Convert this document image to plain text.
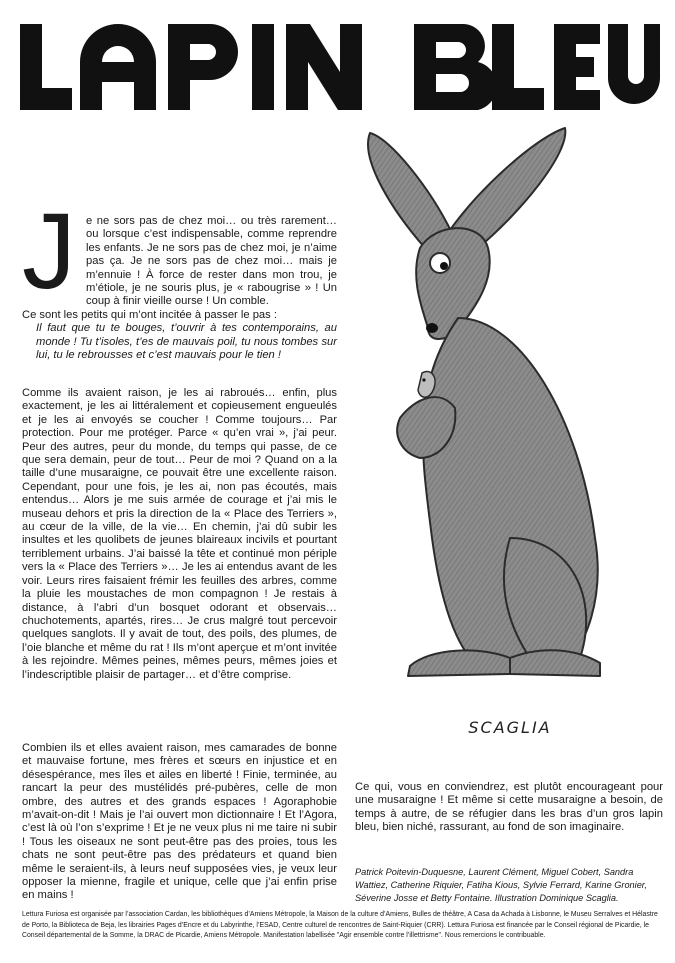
SCAGLIA

Je ne sors pas de chez moi… ou très rarement… ou lorsque c’est indispensable, comme reprendre les enfants. Je ne sors pas de chez moi, je n’aime pas ça. Je ne sors pas de chez moi… mais je m’ennuie ! À force de rester dans mon trou, je m’étiole, je ne souris plus, je « rabougrise » ! Un coup à finir vieille ourse ! Un comble.

Ce sont les petits qui m’ont incitée à passer le pas :

Il faut que tu te bouges, t’ouvrir à tes contemporains, au monde ! Tu t’isoles, t’es de mauvais poil, tu nous tombes sur lui, tu le rebrousses et c’est mauvais pour le tien !

Comme ils avaient raison, je les ai rabroués… enfin, plus exactement, je les ai littéralement et copieusement engueulés et je les ai envoyés se coucher ! Comme toujours… Par protection. Pour me protéger. Parce « qu’en vrai », j’ai peur. Peur des autres, peur du monde, du temps qui passe, de ce que sera demain, peur de tout… Peur de moi ? Quand on a la taille d’une musaraigne, ce pouvait être une excellente raison. Cependant, pour une fois, je les ai, non pas écoutés, mais entendus… Alors je me suis armée de courage et j’ai mis le museau dehors et pris la direction de la « Place des Terriers », au cœur de la ville, de la vie… En chemin, j’ai dû subir les insultes et les quolibets de jeunes blaireaux incivils et pourtant terriblement urbains. J’ai baissé la tête et continué mon périple vers la « Place des Terriers »… Je les ai entendus avant de les voir. Leurs rires faisaient frémir les feuilles des arbres, comme la pluie les moustaches de mon compagnon ! Je restais à distance, à l’abri d’un bosquet odorant et observais… chuchotements, apartés, rires… Je crus malgré tout percevoir quelques sanglots. Il y avait de tout, des poils, des plumes, de l’oie blanche et même du rat ! Ils m’ont aperçue et m’ont invitée à les rejoindre. Mêmes peines, mêmes peurs, mêmes joies et l’indescriptible plaisir de partager… et d’être comprise.

Combien ils et elles avaient raison, mes camarades de bonne et mauvaise fortune, mes frères et sœurs en injustice et en désespérance, mes îles et ailes en liberté ! Finie, terminée, au rancart la peur des mustélidés pré-pubères, celle de mon ombre, des autres et des grands espaces ! Agoraphobie m’avait-on-dit ! Mais je l’ai ouvert mon dictionnaire ! Et l’Agora, c’est là où l’on s’exprime ! Et je ne veux plus ni me taire ni subir ! Tous les oiseaux ne sont peut-être pas des proies, tous les chats ne sont peut-être pas des prédateurs et quand bien même le seraient-ils, à leurs neuf supposées vies, je veux leur opposer la mienne, fragile et unique, celle que j’ai enfin prise en mains !

Ce qui, vous en conviendrez, est plutôt encourageant pour une musaraigne ! Et même si cette musaraigne a besoin, de temps à autre, de se réfugier dans les bras d’un gros lapin bleu, bien niché, rassurant, au fond de son imaginaire.

Patrick Poitevin-Duquesne, Laurent Clément, Miguel Cobert, Sandra Wattiez, Catherine Riquier, Fatiha Kious, Sylvie Ferrard, Karine Gronier, Séverine Josse et Betty Fontaine. Illustration Dominique Scaglia.
Lettura Furiosa est organisée par l’association Cardan, les bibliothèques d’Amiens Métropole, la Maison de la culture d’Amiens, Bulles de théâtre, A Casa da Achada à Lisbonne, le Museu Serralves et Hélastre de Porto, la Biblioteca de Beja, les librairies Pages d’Encre et du Labyrinthe, l’ESAD, Centre culturel de rencontres de Saint-Riquier (CRR). Lettura Furiosa est financée par le Conseil régional de Picardie, le Conseil départemental de la Somme, la DRAC de Picardie, Amiens Métropole. Manifestation labellisée "Agir ensemble contre l’illettrisme". Nous remercions le contribuable.
